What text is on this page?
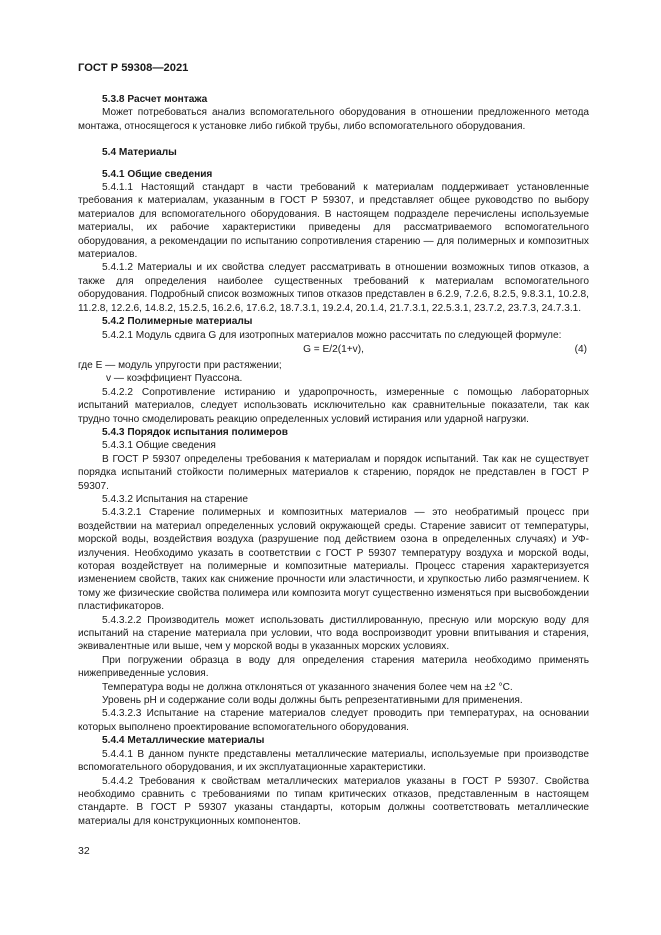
ГОСТ Р 59308—2021

5.3.8 Расчет монтажа

Может потребоваться анализ вспомогательного оборудования в отношении предложенного метода монтажа, относящегося к установке либо гибкой трубы, либо вспомогательного оборудования.

5.4 Материалы

5.4.1 Общие сведения

5.4.1.1 Настоящий стандарт в части требований к материалам поддерживает установленные требования к материалам, указанным в ГОСТ Р 59307, и представляет общее руководство по выбору материалов для вспомогательного оборудования. В настоящем подразделе перечислены используемые материалы, их рабочие характеристики приведены для рассматриваемого вспомогательного оборудования, а рекомендации по испытанию сопротивления старению — для полимерных и композитных материалов.

5.4.1.2 Материалы и их свойства следует рассматривать в отношении возможных типов отказов, а также для определения наиболее существенных требований к материалам вспомогательного оборудования. Подробный список возможных типов отказов представлен в 6.2.9, 7.2.6, 8.2.5, 9.8.3.1, 10.2.8, 11.2.8, 12.2.6, 14.8.2, 15.2.5, 16.2.6, 17.6.2, 18.7.3.1, 19.2.4, 20.1.4, 21.7.3.1, 22.5.3.1, 23.7.2, 23.7.3, 24.7.3.1.

5.4.2 Полимерные материалы

5.4.2.1 Модуль сдвига G для изотропных материалов можно рассчитать по следующей формуле:

G = E/2(1+v),	(4)

где E — модуль упругости при растяжении;

v — коэффициент Пуассона.

5.4.2.2 Сопротивление истиранию и ударопрочность, измеренные с помощью лабораторных испытаний материалов, следует использовать исключительно как сравнительные показатели, так как трудно точно смоделировать реакцию определенных условий истирания или ударной нагрузки.

5.4.3 Порядок испытания полимеров

5.4.3.1 Общие сведения

В ГОСТ Р 59307 определены требования к материалам и порядок испытаний. Так как не существует порядка испытаний стойкости полимерных материалов к старению, порядок не представлен в ГОСТ Р 59307.

5.4.3.2 Испытания на старение

5.4.3.2.1 Старение полимерных и композитных материалов — это необратимый процесс при воздействии на материал определенных условий окружающей среды. Старение зависит от температуры, морской воды, воздействия воздуха (разрушение под действием озона в определенных случаях) и УФ-излучения. Необходимо указать в соответствии с ГОСТ Р 59307 температуру воздуха и морской воды, которая воздействует на полимерные и композитные материалы. Процесс старения характеризуется изменением свойств, таких как снижение прочности или эластичности, и хрупкостью либо размягчением. К тому же физические свойства полимера или композита могут существенно изменяться при высвобождении пластификаторов.

5.4.3.2.2 Производитель может использовать дистиллированную, пресную или морскую воду для испытаний на старение материала при условии, что вода воспроизводит уровни впитывания и старения, эквивалентные или выше, чем у морской воды в указанных морских условиях.

При погружении образца в воду для определения старения материла необходимо применять нижеприведенные условия.

Температура воды не должна отклоняться от указанного значения более чем на ±2 °С.

Уровень pH и содержание соли воды должны быть репрезентативными для применения.

5.4.3.2.3 Испытание на старение материалов следует проводить при температурах, на основании которых выполнено проектирование вспомогательного оборудования.

5.4.4 Металлические материалы

5.4.4.1 В данном пункте представлены металлические материалы, используемые при производстве вспомогательного оборудования, и их эксплуатационные характеристики.

5.4.4.2 Требования к свойствам металлических материалов указаны в ГОСТ Р 59307. Свойства необходимо сравнить с требованиями по типам критических отказов, представленным в настоящем стандарте. В ГОСТ Р 59307 указаны стандарты, которым должны соответствовать металлические материалы для конструкционных компонентов.

32
